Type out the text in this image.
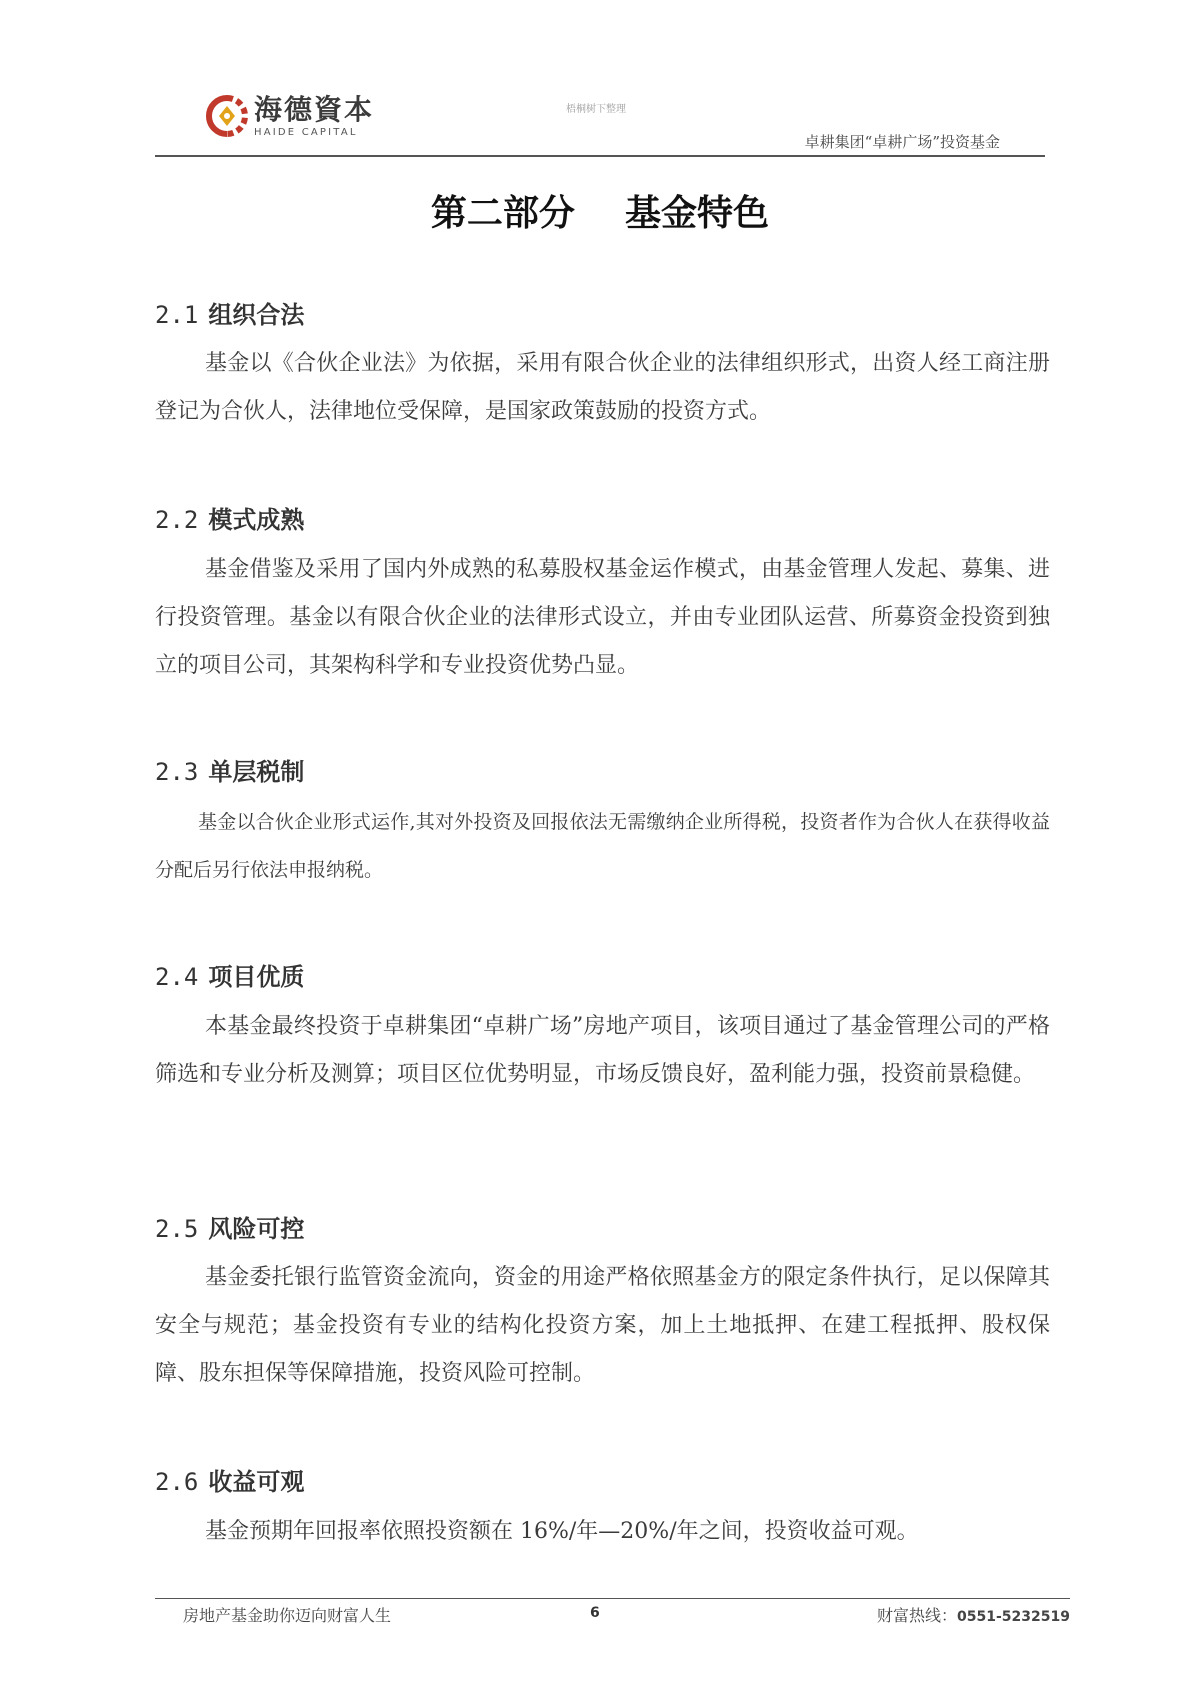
海德資本
HAIDE CAPITAL
梧桐树下整理
卓耕集团“卓耕广场”投资基金
第二部分    基金特色
2.1 组织合法
基金以《合伙企业法》为依据，采用有限合伙企业的法律组织形式，出资人经工商注册登记为合伙人，法律地位受保障，是国家政策鼓励的投资方式。
2.2 模式成熟
基金借鉴及采用了国内外成熟的私募股权基金运作模式，由基金管理人发起、募集、进行投资管理。基金以有限合伙企业的法律形式设立，并由专业团队运营、所募资金投资到独立的项目公司，其架构科学和专业投资优势凸显。
2.3 单层税制
基金以合伙企业形式运作,其对外投资及回报依法无需缴纳企业所得税，投资者作为合伙人在获得收益分配后另行依法申报纳税。
2.4 项目优质
本基金最终投资于卓耕集团“卓耕广场”房地产项目，该项目通过了基金管理公司的严格筛选和专业分析及测算；项目区位优势明显，市场反馈良好，盈利能力强，投资前景稳健。
2.5 风险可控
基金委托银行监管资金流向，资金的用途严格依照基金方的限定条件执行，足以保障其安全与规范；基金投资有专业的结构化投资方案，加上土地抵押、在建工程抵押、股权保障、股东担保等保障措施，投资风险可控制。
2.6 收益可观
基金预期年回报率依照投资额在 16%/年—20%/年之间，投资收益可观。
房地产基金助你迈向财富人生	6	财富热线：0551-5232519
